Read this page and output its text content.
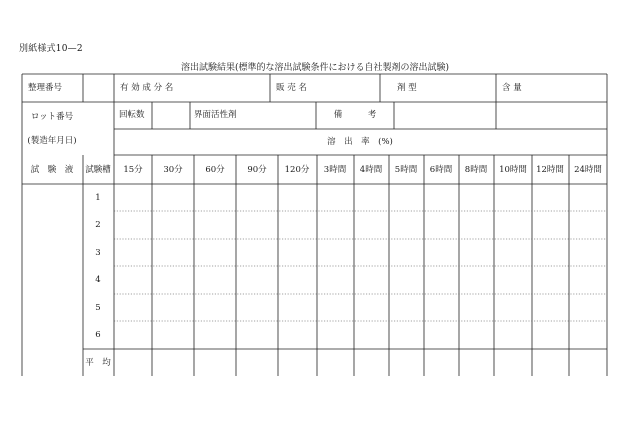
別紙様式10—2
溶出試験結果(標準的な溶出試験条件における自社製剤の溶出試験)
整理番号	有 効 成 分 名	販 売 名	剤 型	含 量
ロット番号
(製造年月日)
回転数	界面活性剤	備　　　考
溶　出　率　(%)
試　験　液 試験槽 15分 30分	60分	90分 120分 3時間 4時間 5時間 6時間 8時間 10時間 12時間 24時間
1
2
3
4
5
6
平　均
